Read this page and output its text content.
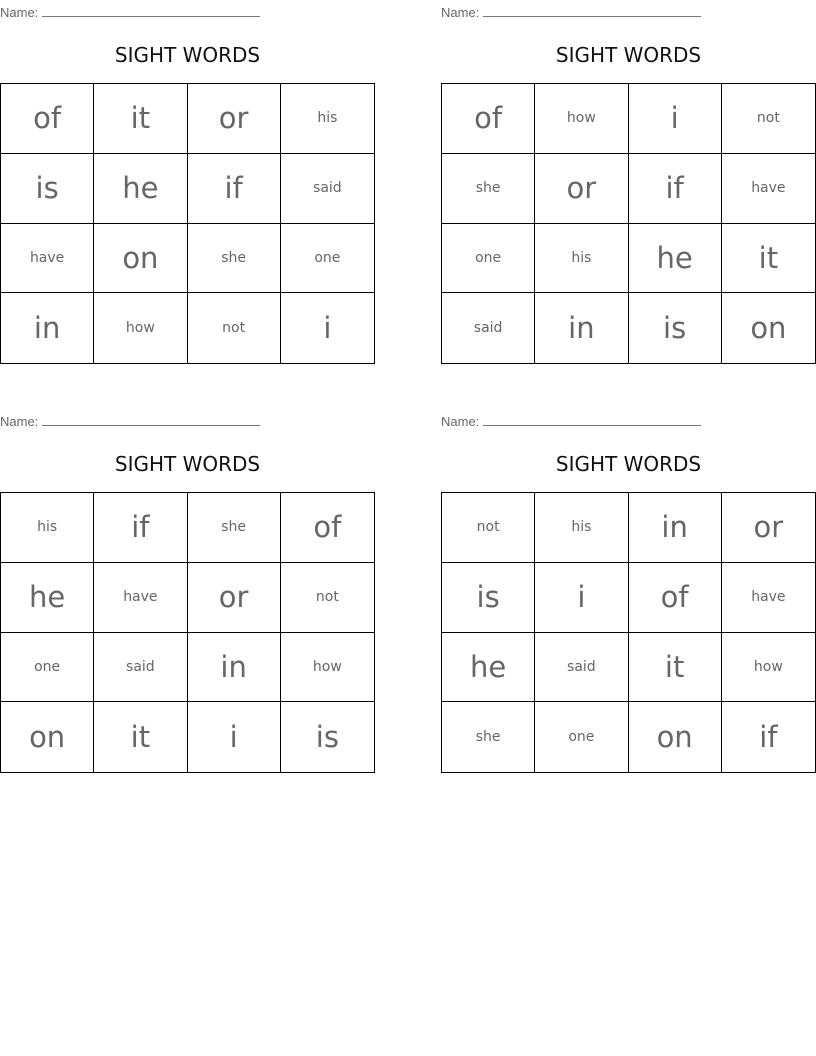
Name:
SIGHT WORDS
of	it	or	his
is	he	if	said
have	on	she	one
in	how	not	i
Name:
SIGHT WORDS
of	how	i	not
she	or	if	have
one	his	he	it
said	in	is	on
Name:
SIGHT WORDS
his	if	she	of
he	have	or	not
one	said	in	how
on	it	i	is
Name:
SIGHT WORDS
not	his	in	or
is	i	of	have
he	said	it	how
she	one	on	if
